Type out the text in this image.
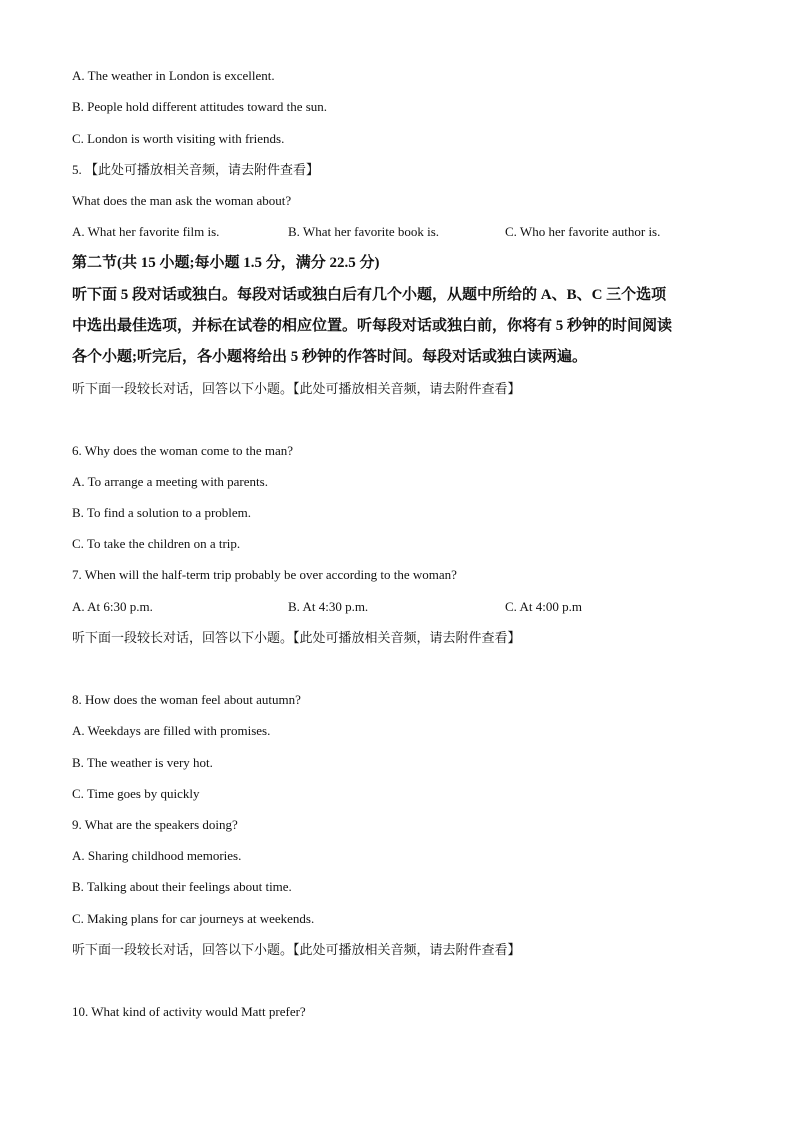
A. The weather in London is excellent.
B. People hold different attitudes toward the sun.
C. London is worth visiting with friends.
5. 【此处可播放相关音频，请去附件查看】
What does the man ask the woman about?
A. What her favorite film is.	B. What her favorite book is.	C. Who her favorite author is.
第二节(共 15 小题;每小题 1.5 分，满分 22.5 分)
听下面 5 段对话或独白。每段对话或独白后有几个小题，从题中所给的 A、B、C 三个选项
中选出最佳选项，并标在试卷的相应位置。听每段对话或独白前，你将有 5 秒钟的时间阅读
各个小题;听完后，各小题将给出 5 秒钟的作答时间。每段对话或独白读两遍。
听下面一段较长对话，回答以下小题。【此处可播放相关音频，请去附件查看】
6. Why does the woman come to the man?
A. To arrange a meeting with parents.
B. To find a solution to a problem.
C. To take the children on a trip.
7. When will the half-term trip probably be over according to the woman?
A. At 6:30 p.m.	B. At 4:30 p.m.	C. At 4:00 p.m
听下面一段较长对话，回答以下小题。【此处可播放相关音频，请去附件查看】
8. How does the woman feel about autumn?
A. Weekdays are filled with promises.
B. The weather is very hot.
C. Time goes by quickly
9. What are the speakers doing?
A. Sharing childhood memories.
B. Talking about their feelings about time.
C. Making plans for car journeys at weekends.
听下面一段较长对话，回答以下小题。【此处可播放相关音频，请去附件查看】
10. What kind of activity would Matt prefer?
